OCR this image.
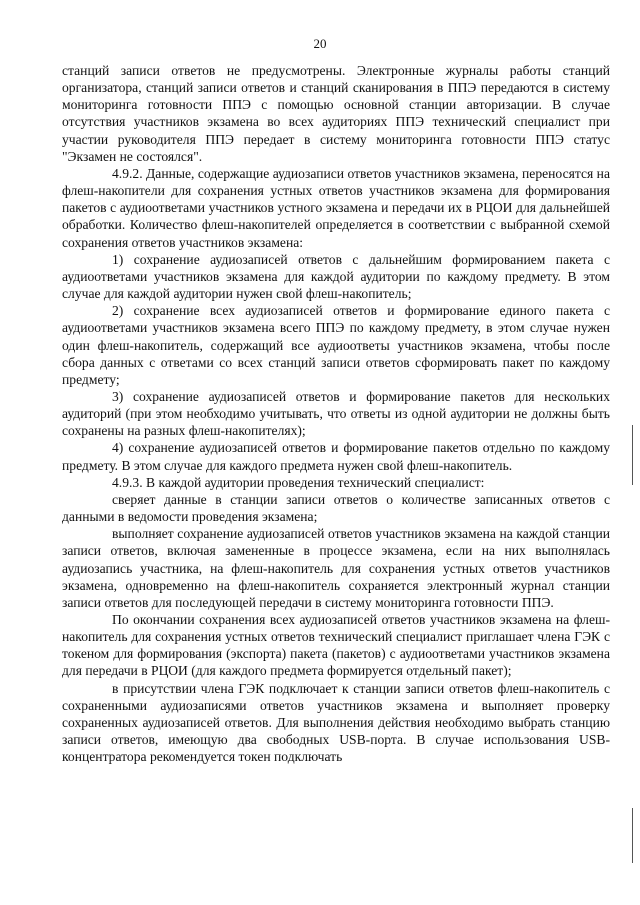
20

станций записи ответов не предусмотрены. Электронные журналы работы станций организатора, станций записи ответов и станций сканирования в ППЭ передаются в систему мониторинга готовности ППЭ с помощью основной станции авторизации. В случае отсутствия участников экзамена во всех аудиториях ППЭ технический специалист при участии руководителя ППЭ передает в систему мониторинга готовности ППЭ статус "Экзамен не состоялся".

4.9.2. Данные, содержащие аудиозаписи ответов участников экзамена, переносятся на флеш-накопители для сохранения устных ответов участников экзамена для формирования пакетов с аудиоответами участников устного экзамена и передачи их в РЦОИ для дальнейшей обработки. Количество флеш-накопителей определяется в соответствии с выбранной схемой сохранения ответов участников экзамена:

1) сохранение аудиозаписей ответов с дальнейшим формированием пакета с аудиоответами участников экзамена для каждой аудитории по каждому предмету. В этом случае для каждой аудитории нужен свой флеш-накопитель;

2) сохранение всех аудиозаписей ответов и формирование единого пакета с аудиоответами участников экзамена всего ППЭ по каждому предмету, в этом случае нужен один флеш-накопитель, содержащий все аудиоответы участников экзамена, чтобы после сбора данных с ответами со всех станций записи ответов сформировать пакет по каждому предмету;

3) сохранение аудиозаписей ответов и формирование пакетов для нескольких аудиторий (при этом необходимо учитывать, что ответы из одной аудитории не должны быть сохранены на разных флеш-накопителях);

4) сохранение аудиозаписей ответов и формирование пакетов отдельно по каждому предмету. В этом случае для каждого предмета нужен свой флеш-накопитель.

4.9.3. В каждой аудитории проведения технический специалист:

сверяет данные в станции записи ответов о количестве записанных ответов с данными в ведомости проведения экзамена;

выполняет сохранение аудиозаписей ответов участников экзамена на каждой станции записи ответов, включая замененные в процессе экзамена, если на них выполнялась аудиозапись участника, на флеш-накопитель для сохранения устных ответов участников экзамена, одновременно на флеш-накопитель сохраняется электронный журнал станции записи ответов для последующей передачи в систему мониторинга готовности ППЭ.

По окончании сохранения всех аудиозаписей ответов участников экзамена на флеш-накопитель для сохранения устных ответов технический специалист приглашает члена ГЭК с токеном для формирования (экспорта) пакета (пакетов) с аудиоответами участников экзамена для передачи в РЦОИ (для каждого предмета формируется отдельный пакет);

в присутствии члена ГЭК подключает к станции записи ответов флеш-накопитель с сохраненными аудиозаписями ответов участников экзамена и выполняет проверку сохраненных аудиозаписей ответов. Для выполнения действия необходимо выбрать станцию записи ответов, имеющую два свободных USB-порта. В случае использования USB-концентратора рекомендуется токен подключать
